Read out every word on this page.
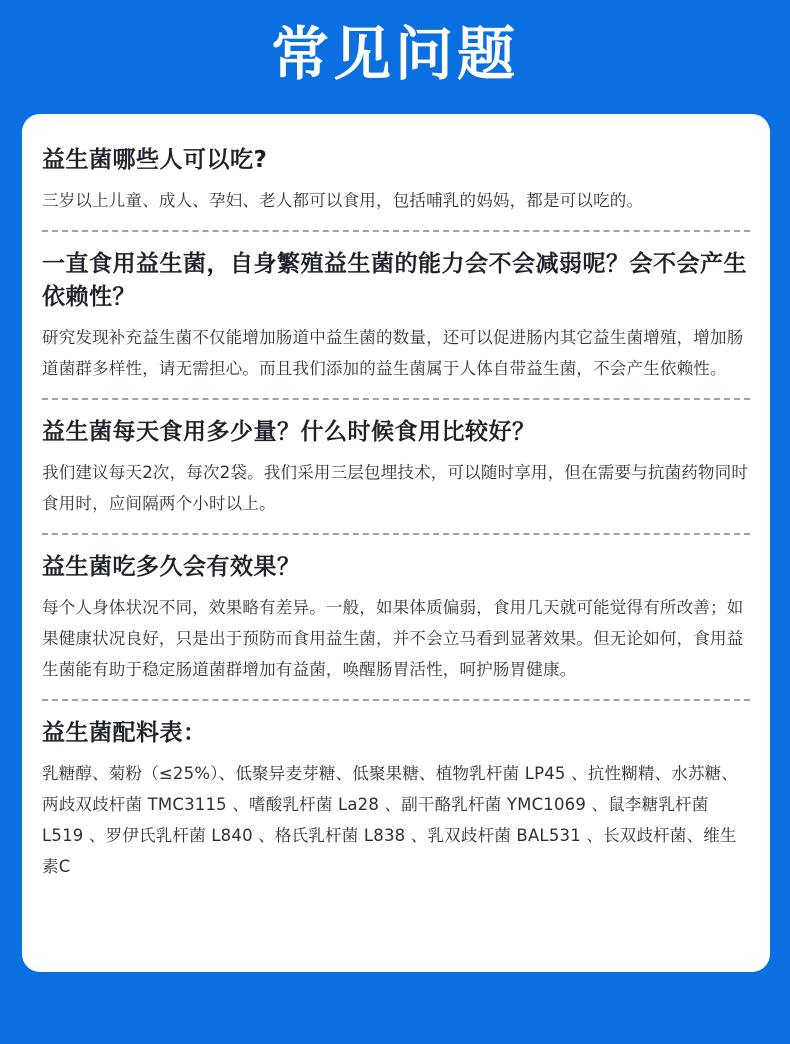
常见问题
益生菌哪些人可以吃?
三岁以上儿童、成人、孕妇、老人都可以食用，包括哺乳的妈妈，都是可以吃的。
一直食用益生菌，自身繁殖益生菌的能力会不会减弱呢？会不会产生依赖性？
研究发现补充益生菌不仅能增加肠道中益生菌的数量，还可以促进肠内其它益生菌增殖，增加肠道菌群多样性，请无需担心。而且我们添加的益生菌属于人体自带益生菌，不会产生依赖性。
益生菌每天食用多少量？什么时候食用比较好？
我们建议每天2次，每次2袋。我们采用三层包埋技术，可以随时享用，但在需要与抗菌药物同时食用时，应间隔两个小时以上。
益生菌吃多久会有效果？
每个人身体状况不同，效果略有差异。一般，如果体质偏弱，食用几天就可能觉得有所改善；如果健康状况良好，只是出于预防而食用益生菌，并不会立马看到显著效果。但无论如何，食用益生菌能有助于稳定肠道菌群增加有益菌，唤醒肠胃活性，呵护肠胃健康。
益生菌配料表：
乳糖醇、菊粉（≤25%）、低聚异麦芽糖、低聚果糖、植物乳杆菌 LP45 、抗性糊精、水苏糖、两歧双歧杆菌 TMC3115 、嗜酸乳杆菌 La28 、副干酪乳杆菌 YMC1069 、鼠李糖乳杆菌 L519 、罗伊氏乳杆菌 L840 、格氏乳杆菌 L838 、乳双歧杆菌 BAL531 、长双歧杆菌、维生素C
